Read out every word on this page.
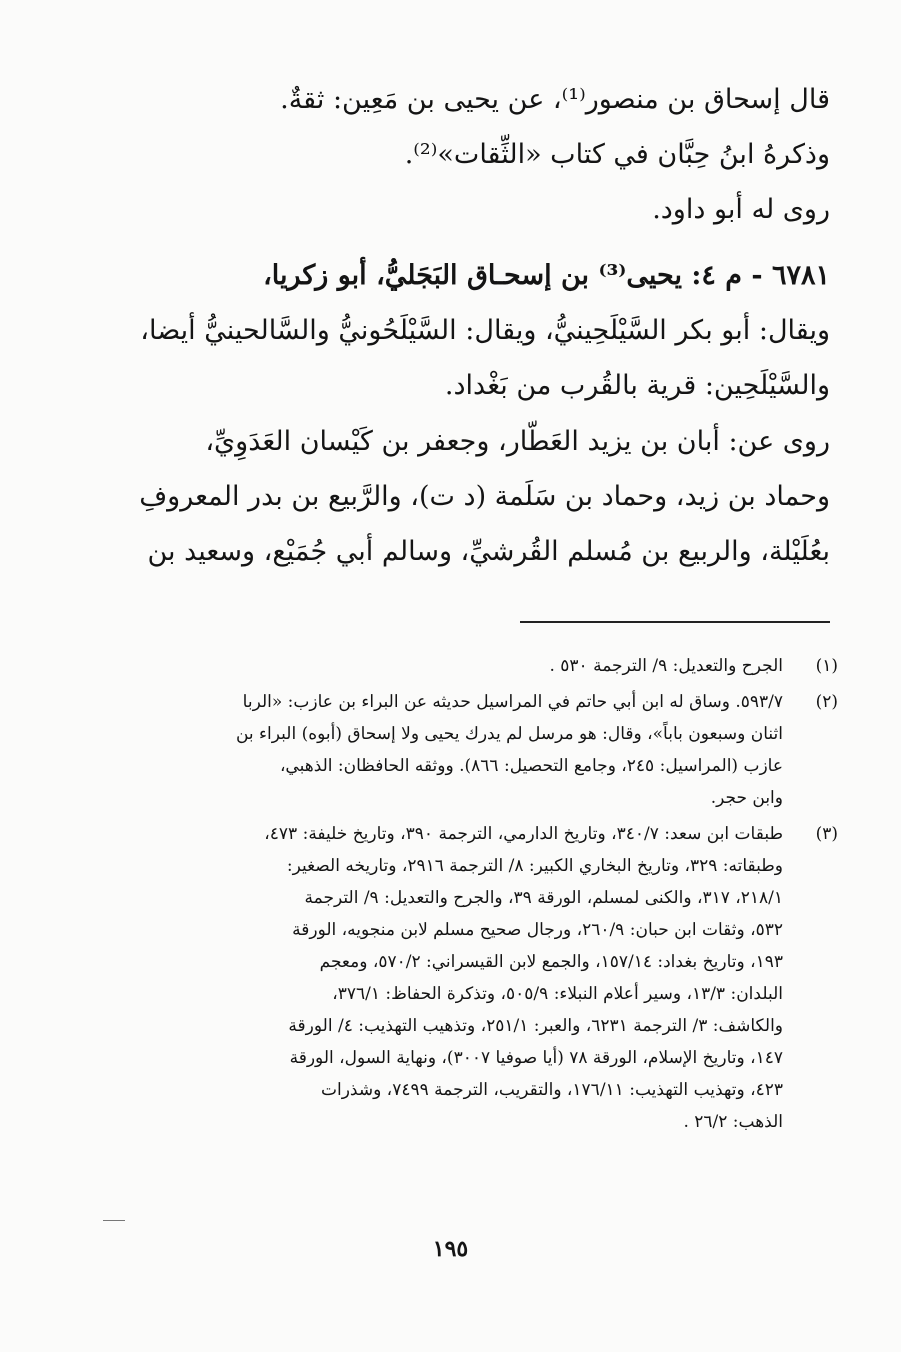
قال إسحاق بن منصور⁽¹⁾، عن يحيى بن مَعِين: ثقةٌ.
وذكرهُ ابنُ حِبَّان في كتاب «الثِّقات»⁽²⁾.
روى له أبو داود.
٦٧٨١ - م ٤: يحيى⁽³⁾ بن إسحـاق البَجَليُّ، أبو زكريا،
ويقال: أبو بكر السَّيْلَحِينيُّ، ويقال: السَّيْلَحُونيُّ والسَّالحينيُّ أيضا،
والسَّيْلَحِين: قرية بالقُرب من بَغْداد.
روى عن: أبان بن يزيد العَطّار، وجعفر بن كَيْسان العَدَوِيِّ،
وحماد بن زيد، وحماد بن سَلَمة (د ت)، والرَّبيع بن بدر المعروفِ
بعُلَيْلة، والربيع بن مُسلم القُرشيِّ، وسالم أبي جُمَيْع، وسعيد بن
(١)
الجرح والتعديل: ٩/ الترجمة ٥٣٠ .
(٢)
٥٩٣/٧. وساق له ابن أبي حاتم في المراسيل حديثه عن البراء بن عازب: «الربا
اثنان وسبعون باباً»، وقال: هو مرسل لم يدرك يحيى ولا إسحاق (أبوه) البراء بن
عازب (المراسيل: ٢٤٥، وجامع التحصيل: ٨٦٦). ووثقه الحافظان: الذهبي،
وابن حجر.
(٣)
طبقات ابن سعد: ٣٤٠/٧، وتاريخ الدارمي، الترجمة ٣٩٠، وتاريخ خليفة: ٤٧٣،
وطبقاته: ٣٢٩، وتاريخ البخاري الكبير: ٨/ الترجمة ٢٩١٦، وتاريخه الصغير:
٢١٨/١، ٣١٧، والكنى لمسلم، الورقة ٣٩، والجرح والتعديل: ٩/ الترجمة
٥٣٢، وثقات ابن حبان: ٢٦٠/٩، ورجال صحيح مسلم لابن منجويه، الورقة
١٩٣، وتاريخ بغداد: ١٥٧/١٤، والجمع لابن القيسراني: ٥٧٠/٢، ومعجم
البلدان: ١٣/٣، وسير أعلام النبلاء: ٥٠٥/٩، وتذكرة الحفاظ: ٣٧٦/١،
والكاشف: ٣/ الترجمة ٦٢٣١، والعبر: ٢٥١/١، وتذهيب التهذيب: ٤/ الورقة
١٤٧، وتاريخ الإسلام، الورقة ٧٨ (أيا صوفيا ٣٠٠٧)، ونهاية السول، الورقة
٤٢٣، وتهذيب التهذيب: ١٧٦/١١، والتقريب، الترجمة ٧٤٩٩، وشذرات
الذهب: ٢٦/٢ .
١٩٥
